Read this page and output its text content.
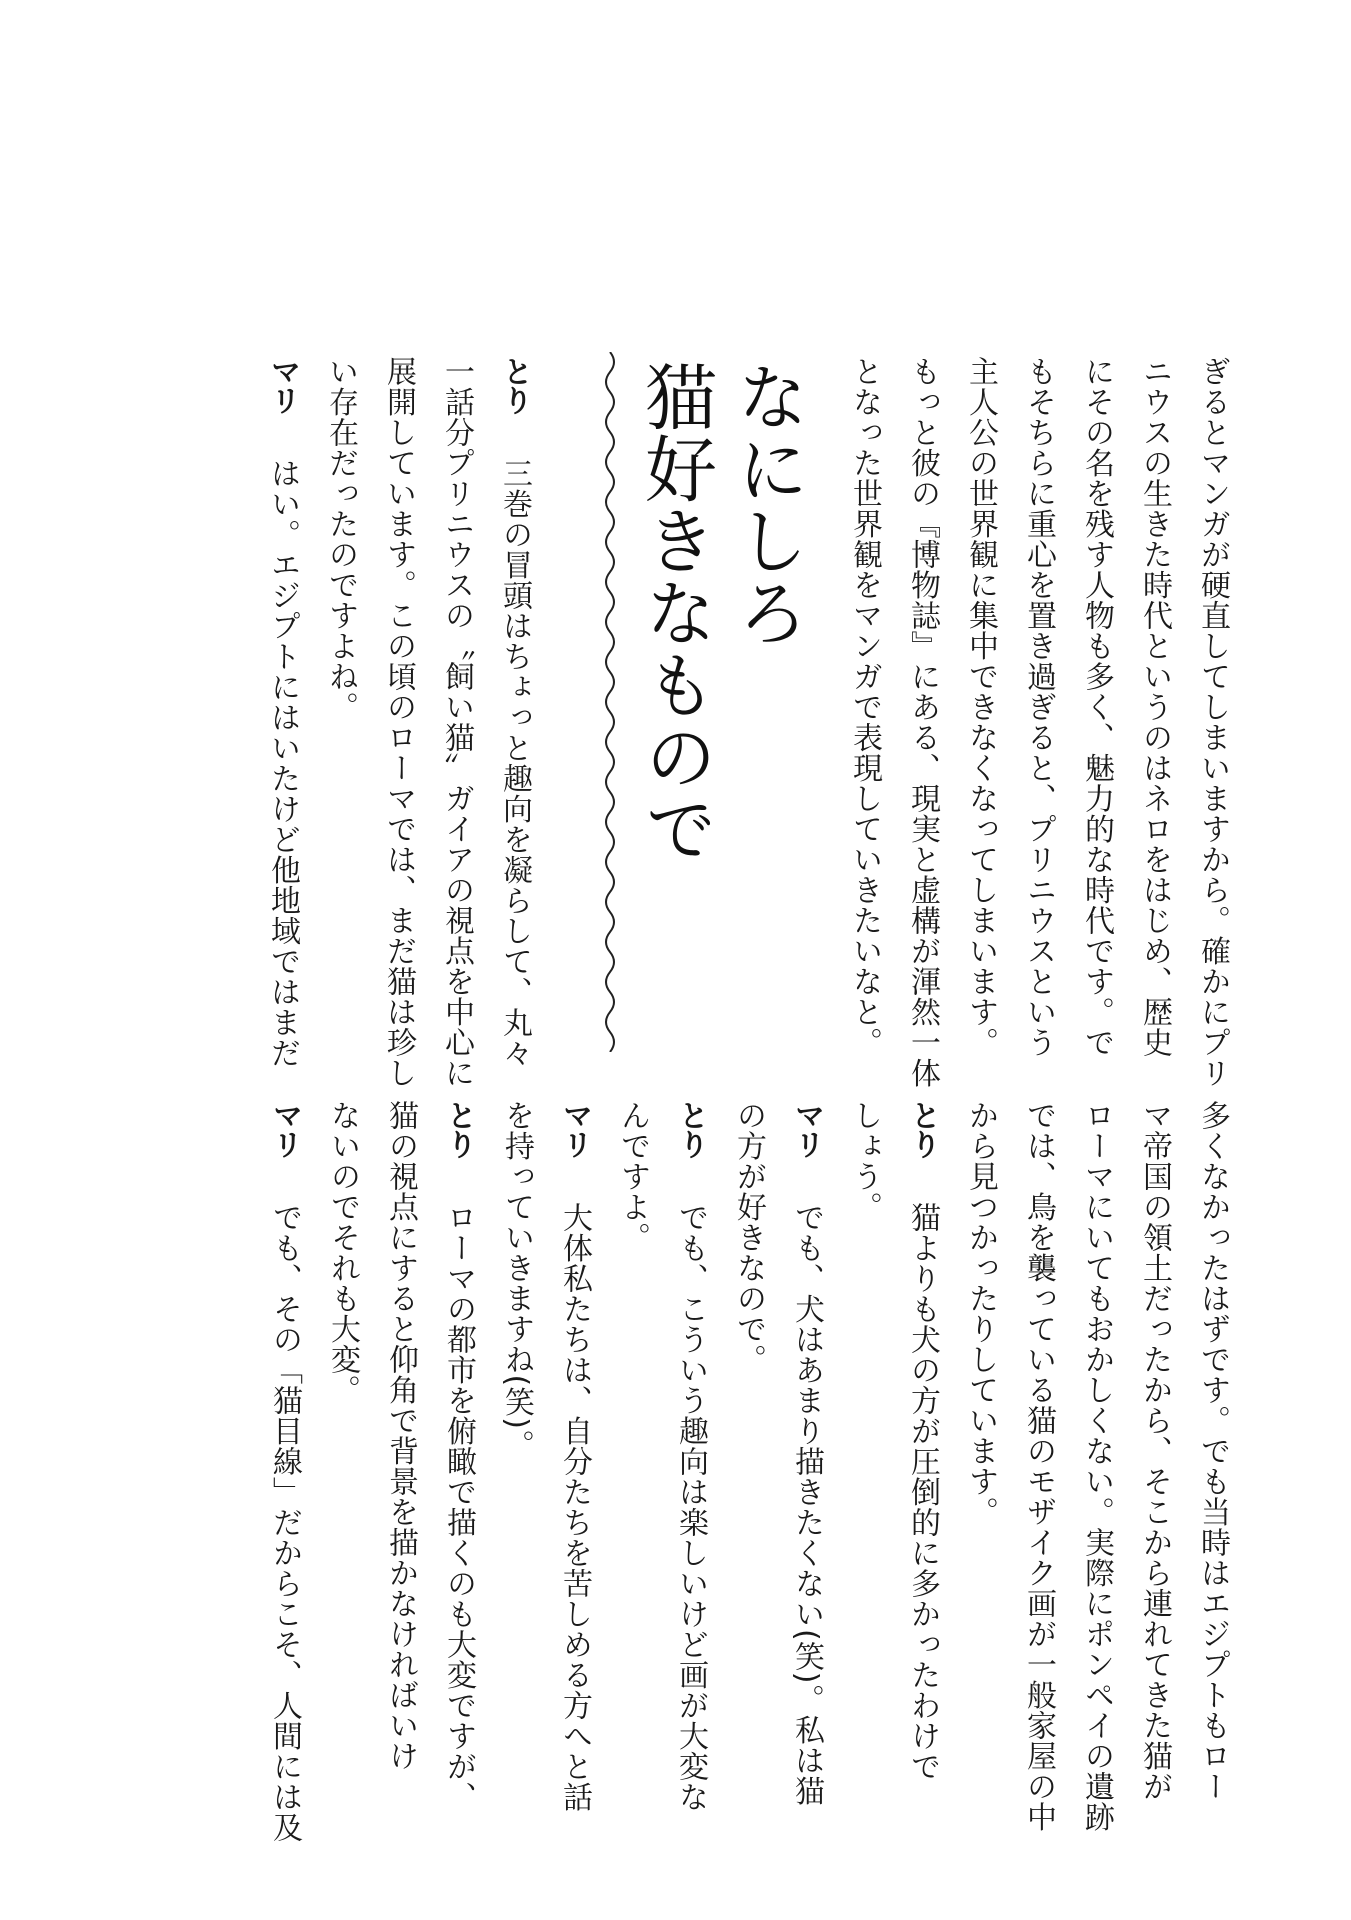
なにしろ
猫好きなもので	ぎるとマンガが硬直してしまいますから。確かにプリ
ニウスの生きた時代というのはネロをはじめ、歴史
にその名を残す人物も多く、魅力的な時代です。で
もそちらに重心を置き過ぎると、プリニウスという
主人公の世界観に集中できなくなってしまいます。
もっと彼の『博物誌』にある、現実と虚構が渾然一体
となった世界観をマンガで表現していきたいなと。
とり三巻の冒頭はちょっと趣向を凝らして、丸々
一話分プリニウスの〝飼い猫〟ガイアの視点を中心に
展開しています。この頃のローマでは、まだ猫は珍し
い存在だったのですよね。
マリはい。エジプトにはいたけど他地域ではまだ
多くなかったはずです。でも当時はエジプトもロー
マ帝国の領土だったから、そこから連れてきた猫が
ローマにいてもおかしくない。実際にポンペイの遺跡
では、鳥を襲っている猫のモザイク画が一般家屋の中
から見つかったりしています。
とり猫よりも犬の方が圧倒的に多かったわけで
しょう。
マリでも、犬はあまり描きたくない(笑)。私は猫
の方が好きなので。
とりでも、こういう趣向は楽しいけど画が大変な
んですよ。
マリ大体私たちは、自分たちを苦しめる方へと話
を持っていきますね(笑)。
とりローマの都市を俯瞰で描くのも大変ですが、
猫の視点にすると仰角で背景を描かなければいけ
ないのでそれも大変。
マリでも、その「猫目線」だからこそ、人間には及
